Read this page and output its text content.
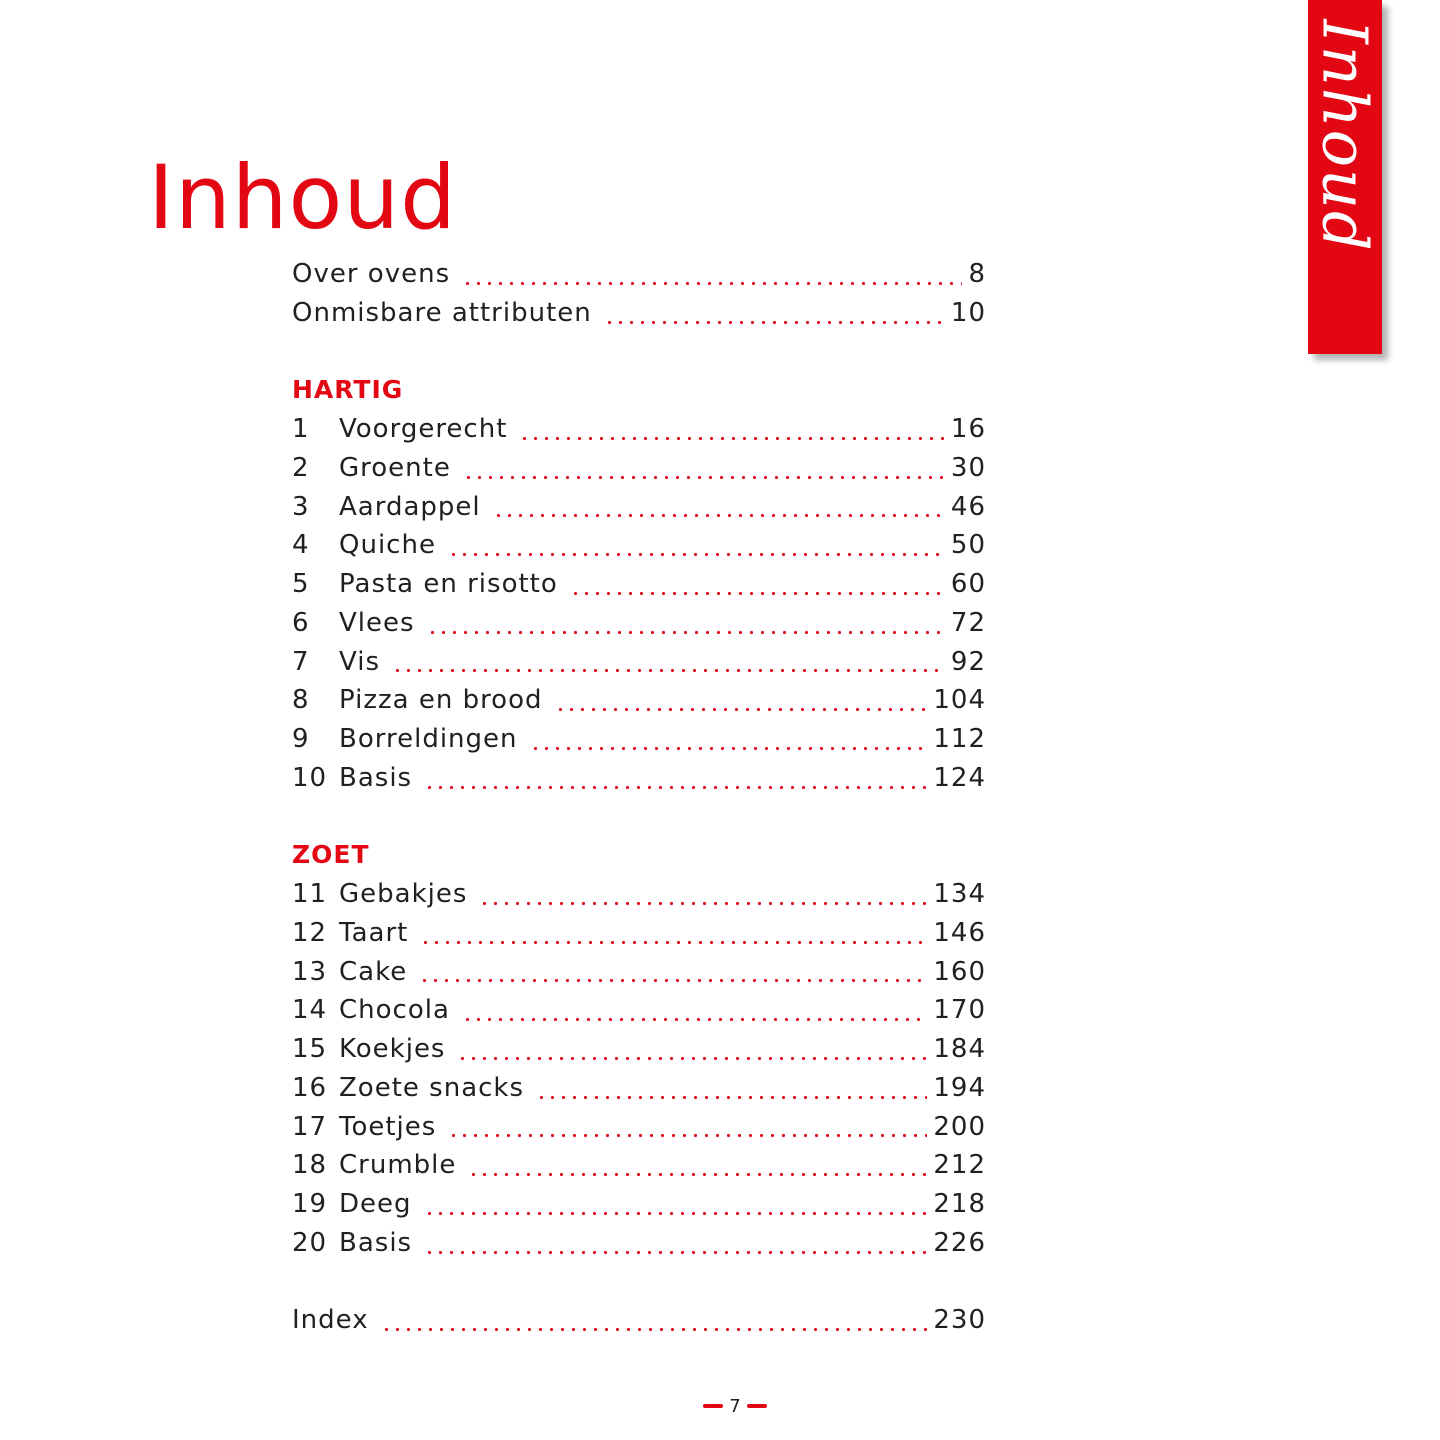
Inhoud
Inhoud
Over ovens	8
Onmisbare attributen	10
HARTIG
1	Voorgerecht	16
2	Groente	30
3	Aardappel	46
4	Quiche	50
5	Pasta en risotto	60
6	Vlees	72
7	Vis	92
8	Pizza en brood	104
9	Borreldingen	112
10 Basis	124
ZOET
11 Gebakjes	134
12 Taart	146
13 Cake	160
14 Chocola	170
15 Koekjes	184
16 Zoete snacks	194
17 Toetjes	200
18 Crumble	212
19 Deeg	218
20 Basis	226
Index	230
7
